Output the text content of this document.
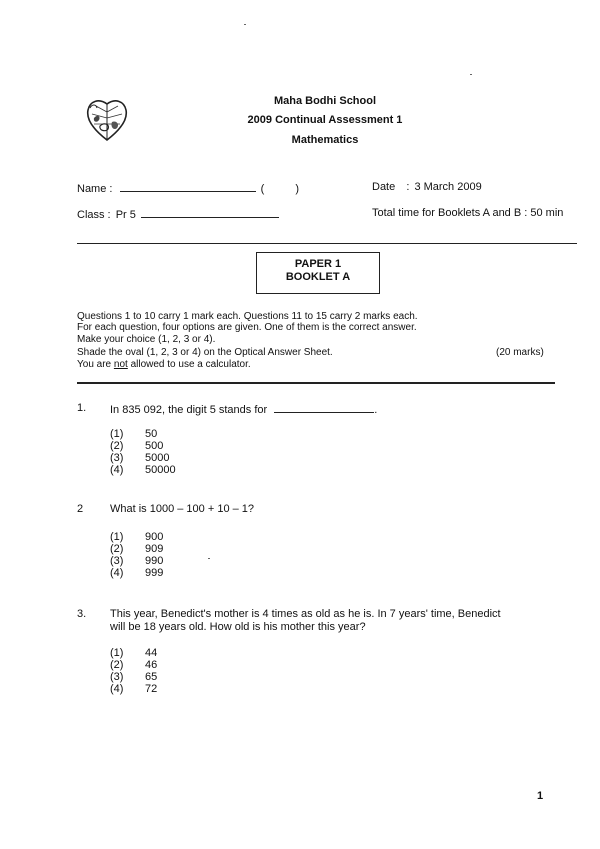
Maha Bodhi School
2009 Continual Assessment 1
Mathematics
Name :	(	)	Date : 3 March 2009
Class : Pr 5	Total time for Booklets A and B : 50 min
PAPER 1
BOOKLET A
Questions 1 to 10 carry 1 mark each. Questions 11 to 15 carry 2 marks each.
For each question, four options are given. One of them is the correct answer.
Make your choice (1, 2, 3 or 4).
Shade the oval (1, 2, 3 or 4) on the Optical Answer Sheet.	(20 marks)
You are not allowed to use a calculator.
1. In 835 092, the digit 5 stands for	.
(1) 50
(2) 500
(3) 5000
(4) 50000
2 What is 1000 – 100 + 10 – 1?
(1) 900
(2) 909
(3) 990
(4) 999
3. This year, Benedict's mother is 4 times as old as he is. In 7 years' time, Benedict
will be 18 years old. How old is his mother this year?
(1) 44
(2) 46
(3) 65
(4) 72
1
